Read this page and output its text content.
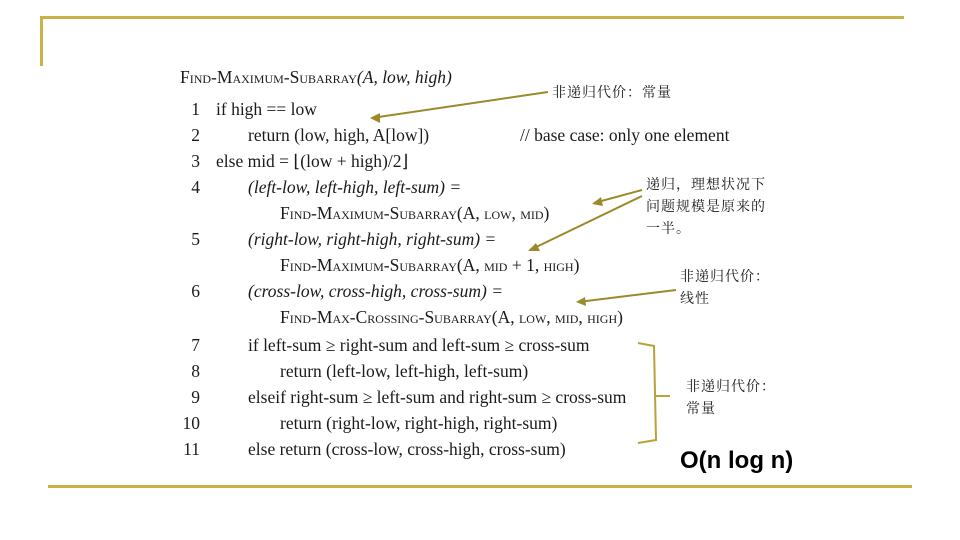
Find-Maximum-Subarray(A, low, high)
1 if high == low
2	return (low, high, A[low])	// base case: only one element
3 else mid = ⌊(low + high)/2⌋
4	(left-low, left-high, left-sum) =
Find-Maximum-Subarray(A, low, mid)
5	(right-low, right-high, right-sum) =
Find-Maximum-Subarray(A, mid + 1, high)
6	(cross-low, cross-high, cross-sum) =
Find-Max-Crossing-Subarray(A, low, mid, high)
7	if left-sum ≥ right-sum and left-sum ≥ cross-sum
8	return (left-low, left-high, left-sum)
9	elseif right-sum ≥ left-sum and right-sum ≥ cross-sum
10	return (right-low, right-high, right-sum)
11	else return (cross-low, cross-high, cross-sum)
非递归代价：常量
递归，理想状况下
问题规模是原来的
一半。
非递归代价：
线性
非递归代价：
常量
O(n log n)
